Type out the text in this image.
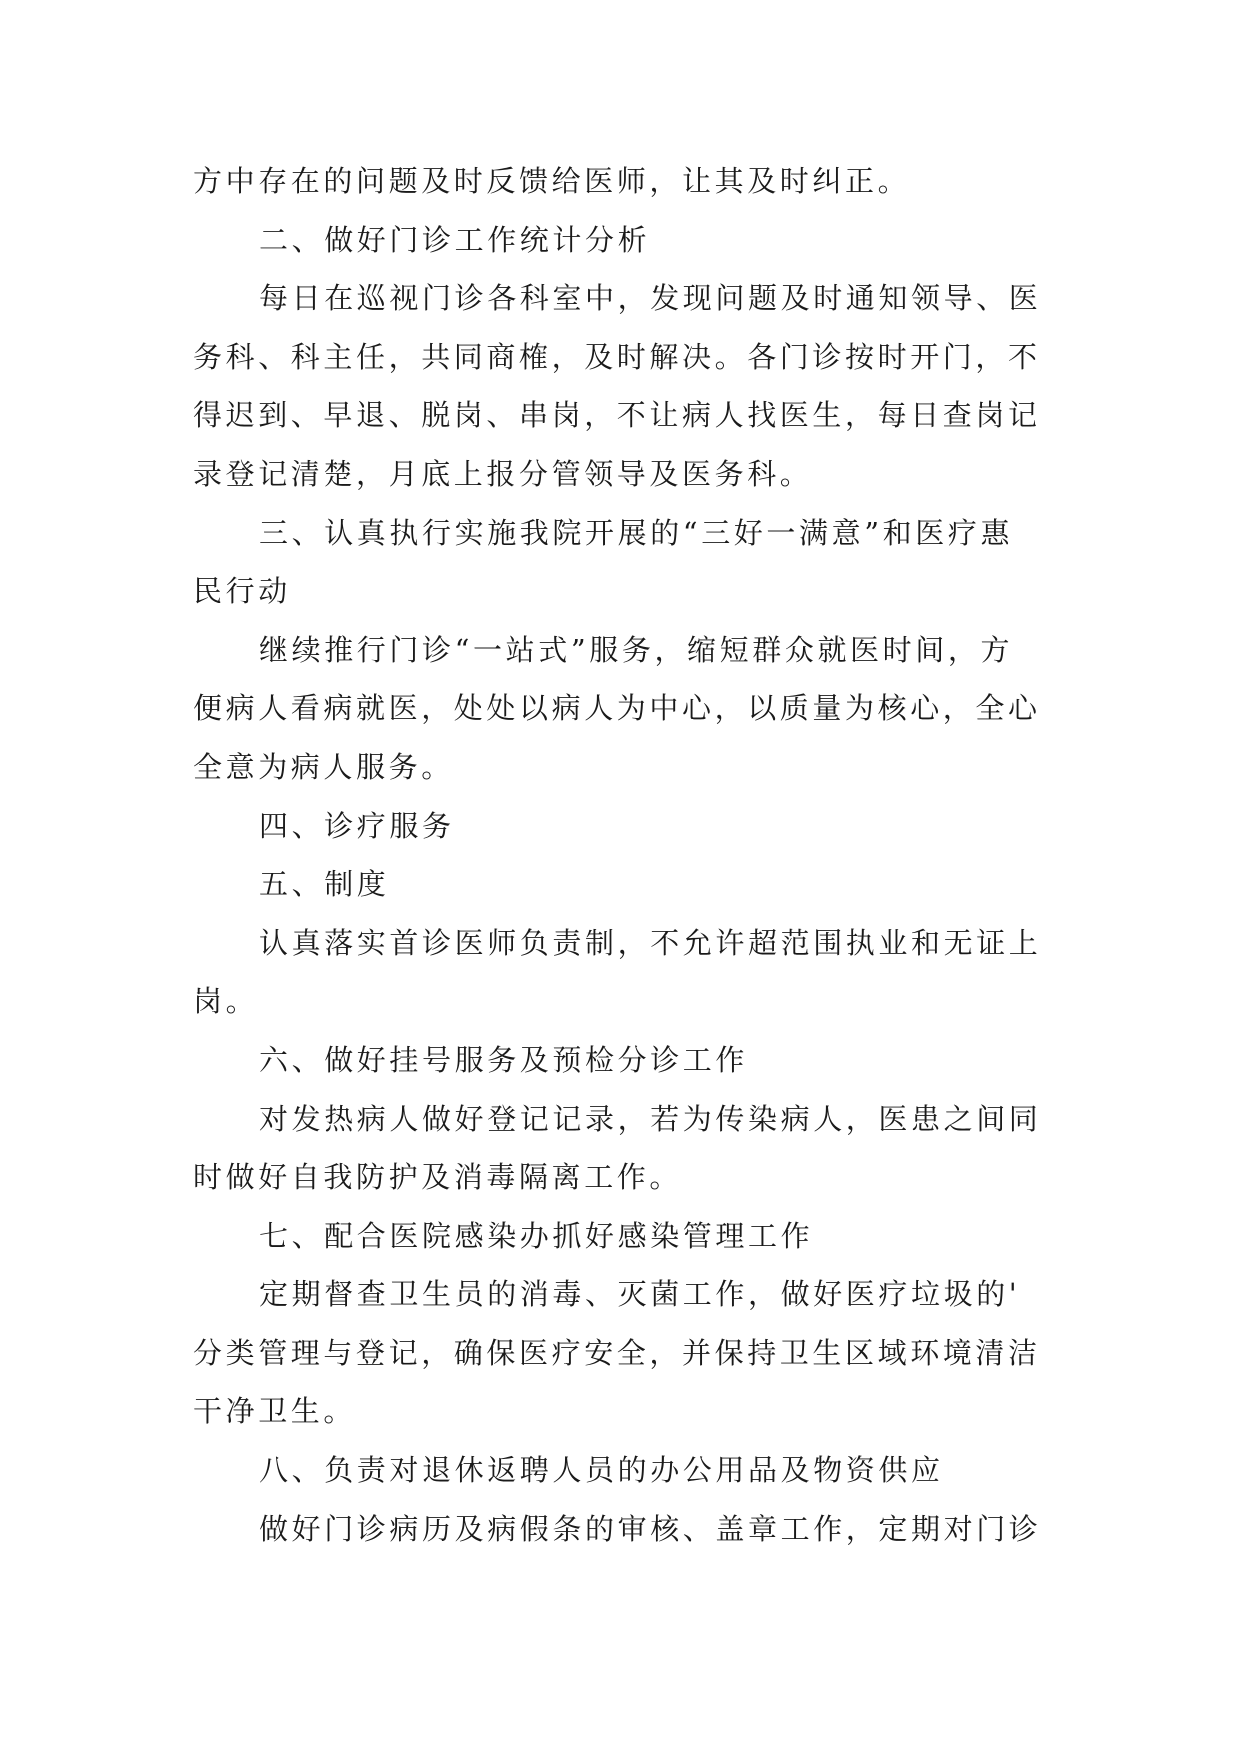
方中存在的问题及时反馈给医师，让其及时纠正。
二、做好门诊工作统计分析
每日在巡视门诊各科室中，发现问题及时通知领导、医
务科、科主任，共同商榷，及时解决。各门诊按时开门，不
得迟到、早退、脱岗、串岗，不让病人找医生，每日查岗记
录登记清楚，月底上报分管领导及医务科。
三、认真执行实施我院开展的“三好一满意”和医疗惠
民行动
继续推行门诊“一站式”服务，缩短群众就医时间，方
便病人看病就医，处处以病人为中心，以质量为核心，全心
全意为病人服务。
四、诊疗服务
五、制度
认真落实首诊医师负责制，不允许超范围执业和无证上
岗。
六、做好挂号服务及预检分诊工作
对发热病人做好登记记录，若为传染病人，医患之间同
时做好自我防护及消毒隔离工作。
七、配合医院感染办抓好感染管理工作
定期督查卫生员的消毒、灭菌工作，做好医疗垃圾的'
分类管理与登记，确保医疗安全，并保持卫生区域环境清洁
干净卫生。
八、负责对退休返聘人员的办公用品及物资供应
做好门诊病历及病假条的审核、盖章工作，定期对门诊
